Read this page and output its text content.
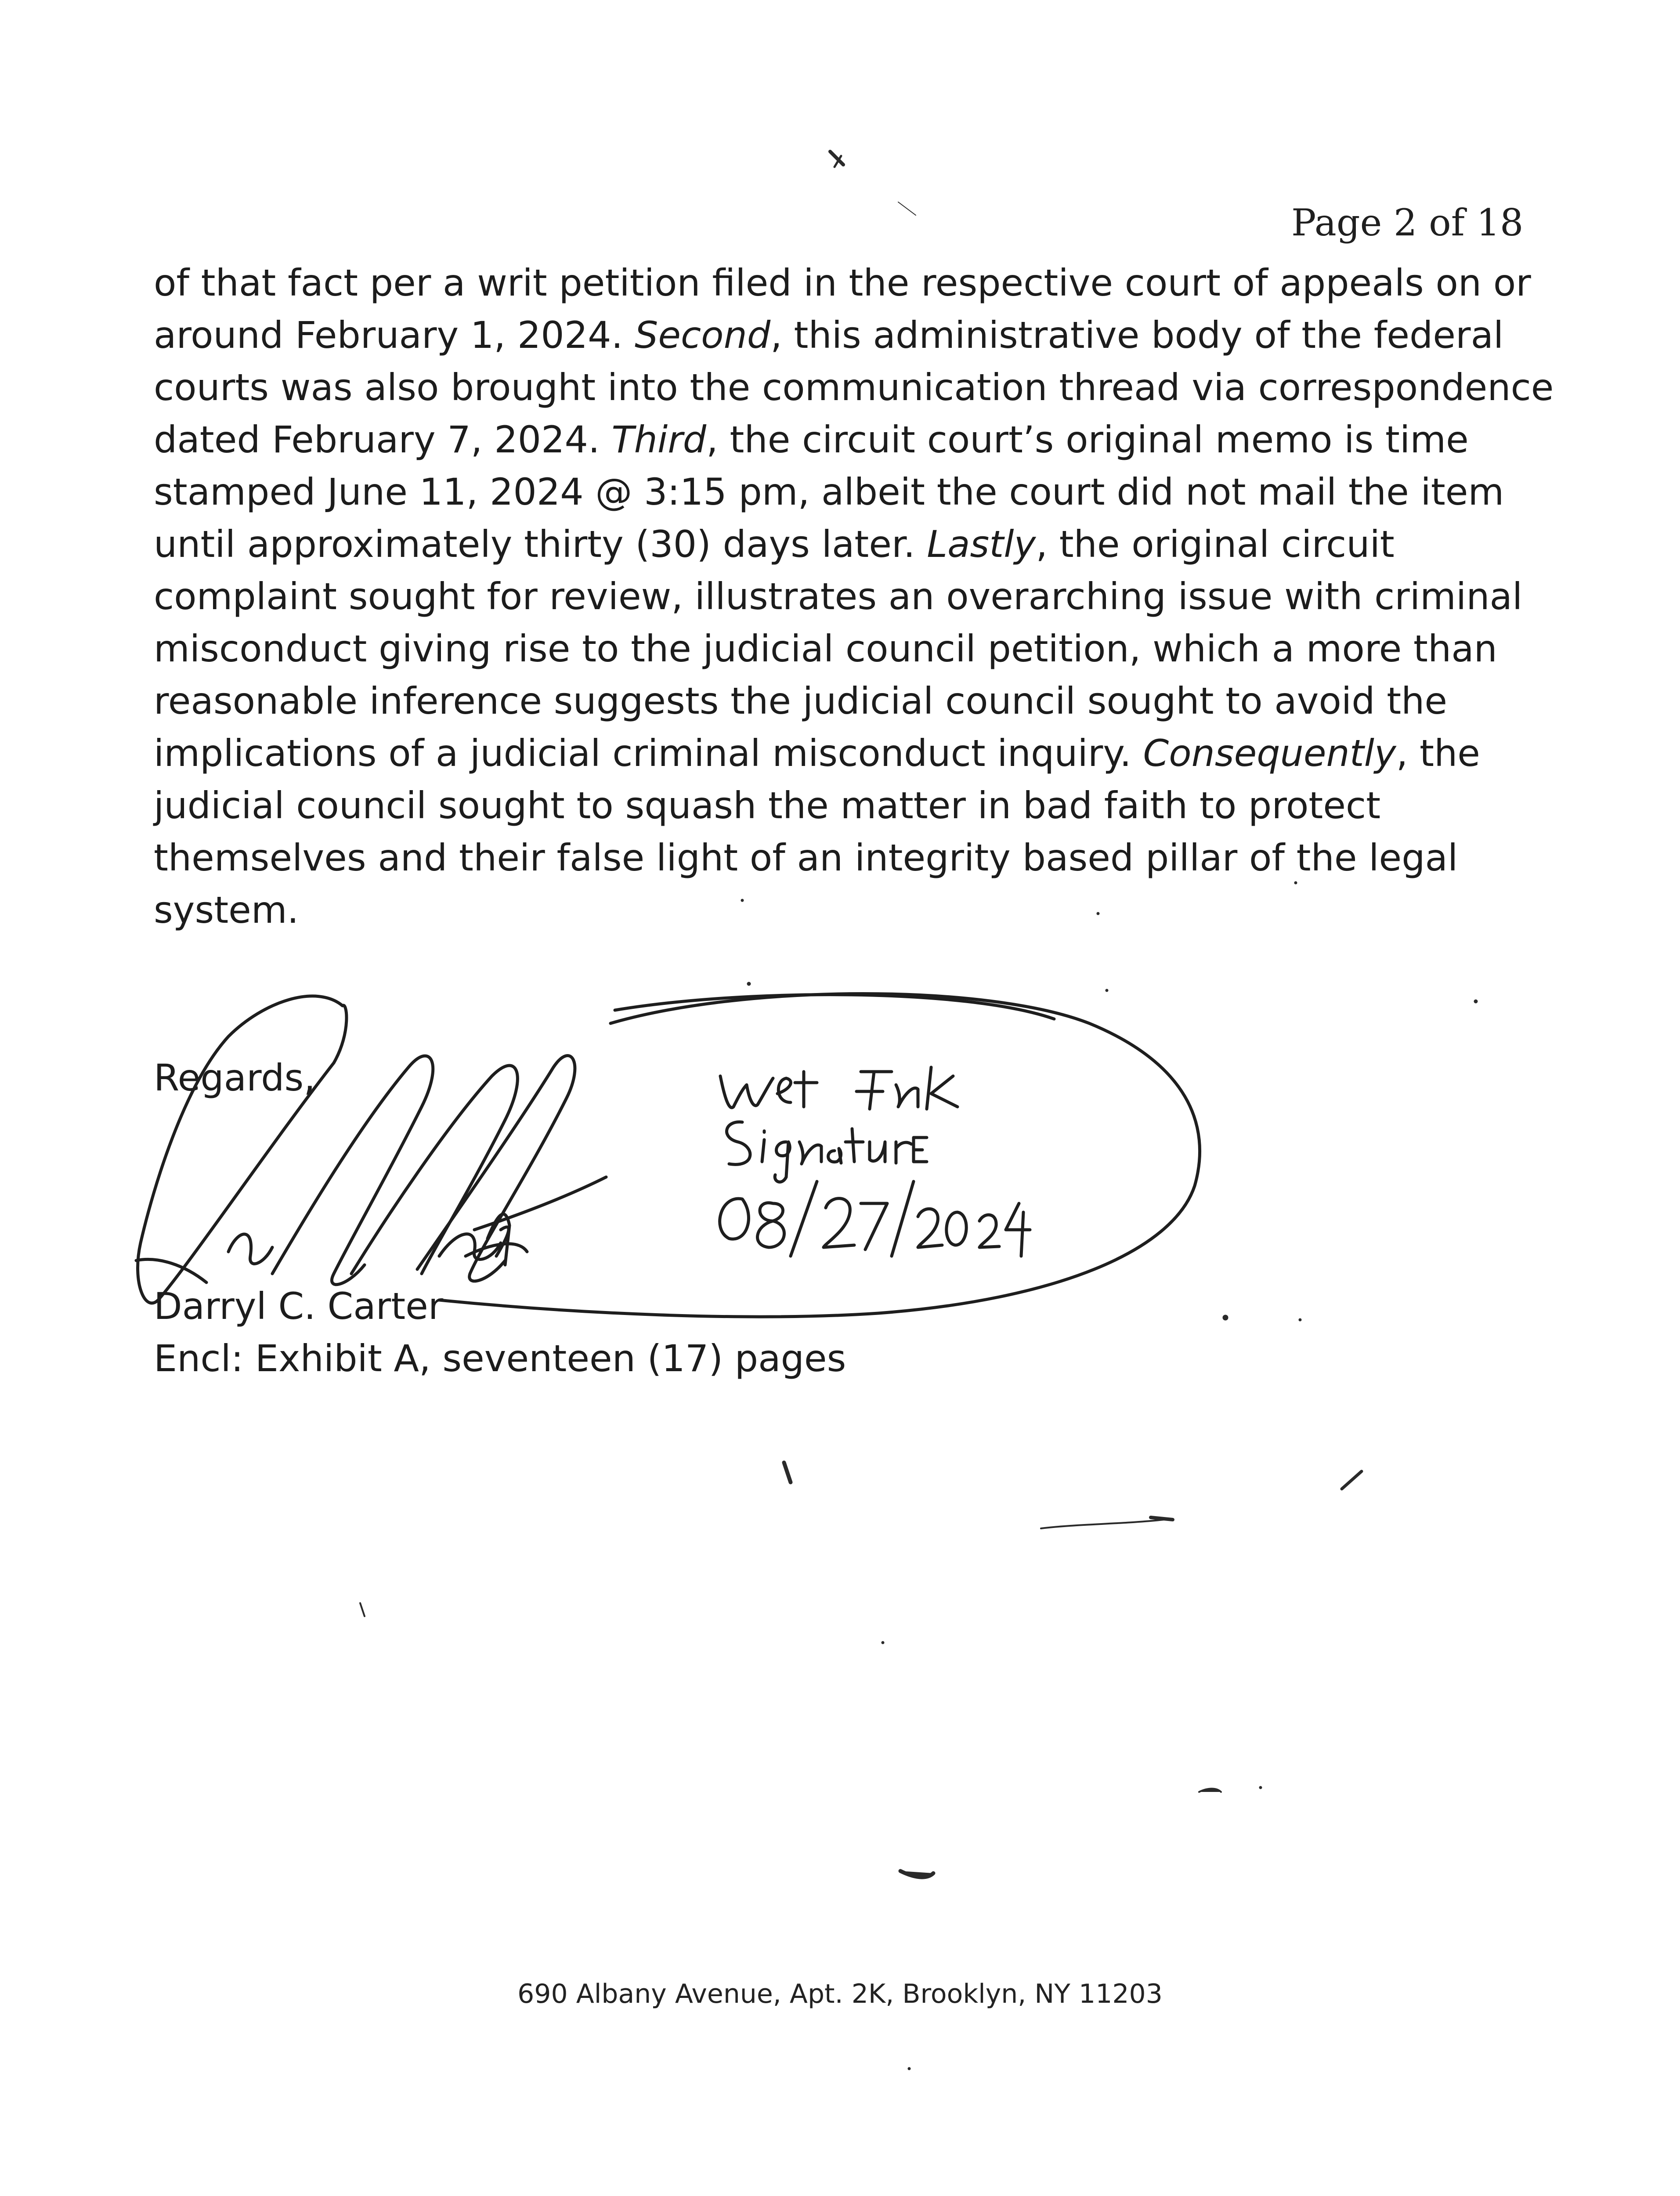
Page 2 of 18
of that fact per a writ petition filed in the respective court of appeals on or
around February 1, 2024. Second, this administrative body of the federal
courts was also brought into the communication thread via correspondence
dated February 7, 2024. Third, the circuit court’s original memo is time
stamped June 11, 2024 @ 3:15 pm, albeit the court did not mail the item
until approximately thirty (30) days later. Lastly, the original circuit
complaint sought for review, illustrates an overarching issue with criminal
misconduct giving rise to the judicial council petition, which a more than
reasonable inference suggests the judicial council sought to avoid the
implications of a judicial criminal misconduct inquiry. Consequently, the
judicial council sought to squash the matter in bad faith to protect
themselves and their false light of an integrity based pillar of the legal
system.
Regards,
Darryl C. Carter
Encl: Exhibit A, seventeen (17) pages
690 Albany Avenue, Apt. 2K, Brooklyn, NY 11203
